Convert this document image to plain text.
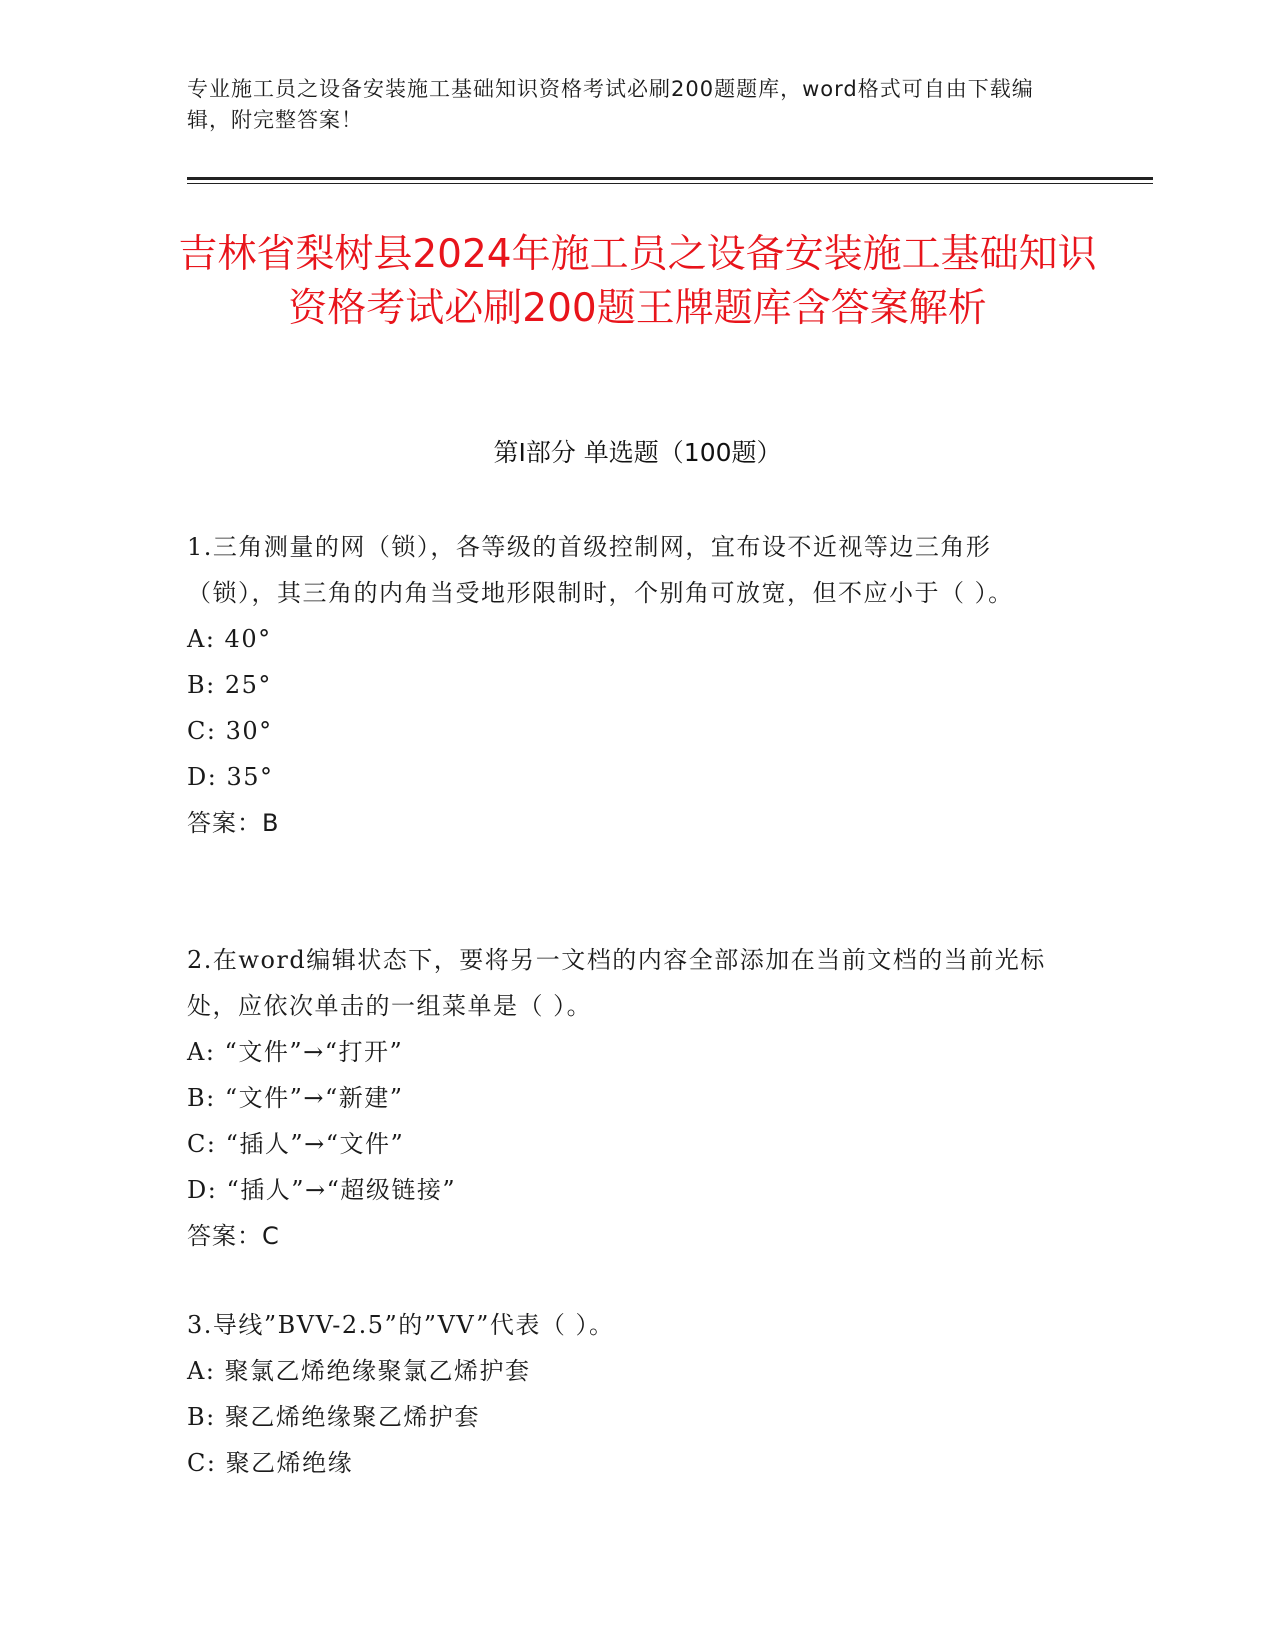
专业施工员之设备安装施工基础知识资格考试必刷200题题库，word格式可自由下载编辑，附完整答案！
吉林省梨树县2024年施工员之设备安装施工基础知识资格考试必刷200题王牌题库含答案解析
第Ⅰ部分 单选题（100题）

1.三角测量的网（锁），各等级的首级控制网，宜布设不近视等边三角形（锁），其三角的内角当受地形限制时，个别角可放宽，但不应小于（ ）。

A: 40°

B: 25°

C: 30°

D: 35°

答案：B

2.在word编辑状态下，要将另一文档的内容全部添加在当前文档的当前光标处，应依次单击的一组菜单是（ ）。

A: “文件”→“打开”

B: “文件”→“新建”

C: “插人”→“文件”

D: “插人”→“超级链接”

答案：C

3.导线”BVV-2.5”的”VV”代表（ ）。

A: 聚氯乙烯绝缘聚氯乙烯护套

B: 聚乙烯绝缘聚乙烯护套

C: 聚乙烯绝缘
